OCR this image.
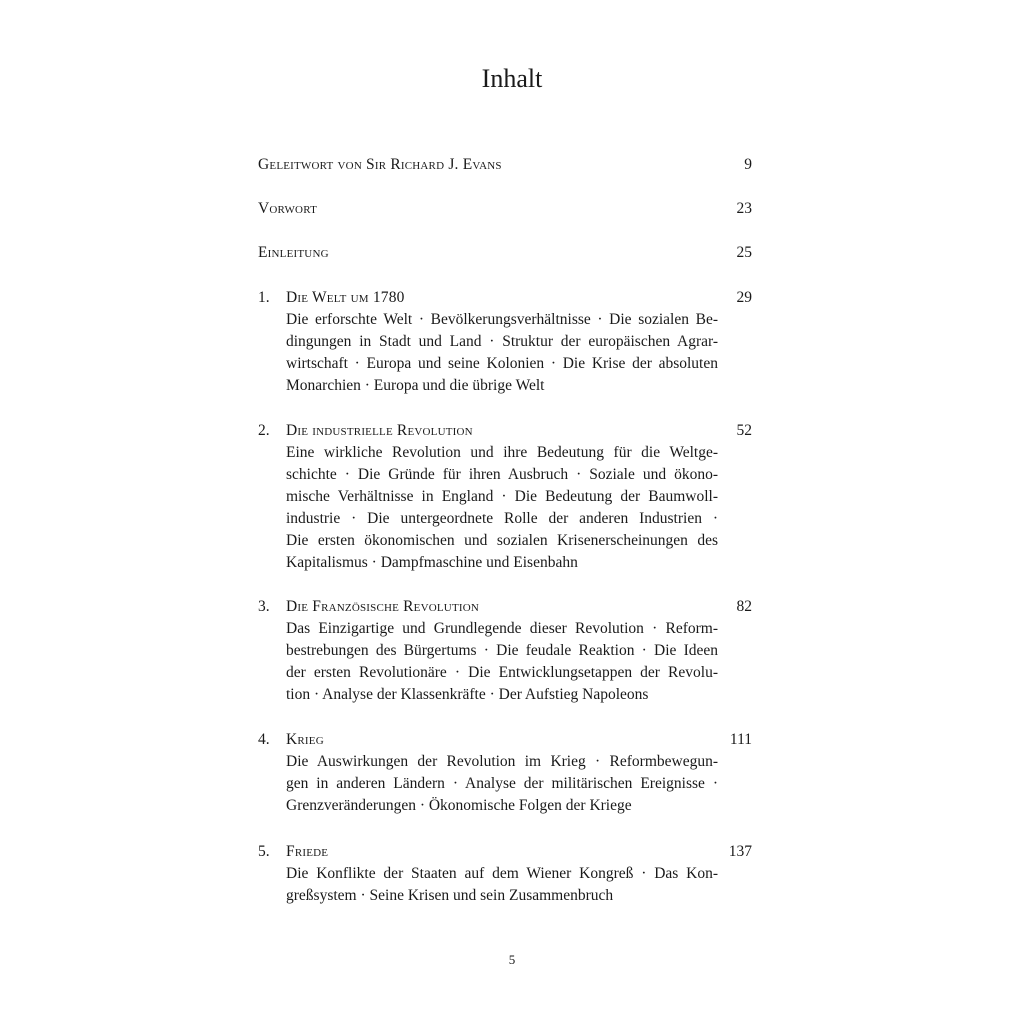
Inhalt
Geleitwort von Sir Richard J. Evans	9
Vorwort	23
Einleitung	25
1. Die Welt um 1780	29
Die erforschte Welt · Bevölkerungsverhältnisse · Die sozialen Be-
dingungen in Stadt und Land · Struktur der europäischen Agrar-
wirtschaft · Europa und seine Kolonien · Die Krise der absoluten
Monarchien · Europa und die übrige Welt
2. Die industrielle Revolution	52
Eine wirkliche Revolution und ihre Bedeutung für die Weltge-
schichte · Die Gründe für ihren Ausbruch · Soziale und ökono-
mische Verhältnisse in England · Die Bedeutung der Baumwoll-
industrie · Die untergeordnete Rolle der anderen Industrien ·
Die ersten ökonomischen und sozialen Krisenerscheinungen des
Kapitalismus · Dampfmaschine und Eisenbahn
3. Die Französische Revolution	82
Das Einzigartige und Grundlegende dieser Revolution · Reform-
bestrebungen des Bürgertums · Die feudale Reaktion · Die Ideen
der ersten Revolutionäre · Die Entwicklungsetappen der Revolu-
tion · Analyse der Klassenkräfte · Der Aufstieg Napoleons
4. Krieg	111
Die Auswirkungen der Revolution im Krieg · Reformbewegun-
gen in anderen Ländern · Analyse der militärischen Ereignisse ·
Grenzveränderungen · Ökonomische Folgen der Kriege
5. Friede	137
Die Konflikte der Staaten auf dem Wiener Kongreß · Das Kon-
greßsystem · Seine Krisen und sein Zusammenbruch
5
